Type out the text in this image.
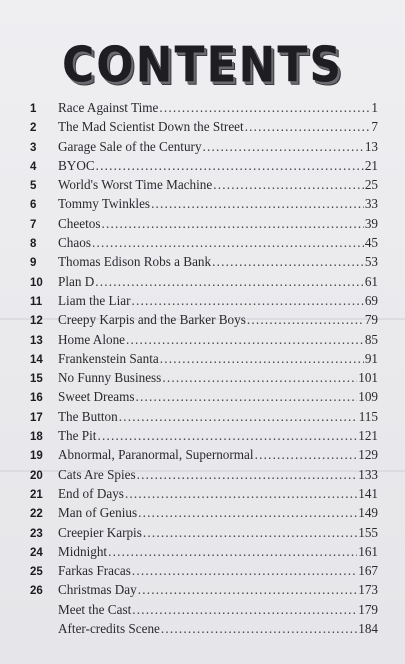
CONTENTS
1	Race Against Time .....	1
2	The Mad Scientist Down the Street .....	7
3	Garage Sale of the Century .....	13
4	BYOC .....	21
5	World's Worst Time Machine .....	25
6	Tommy Twinkles .....	33
7	Cheetos .....	39
8	Chaos .....	45
9	Thomas Edison Robs a Bank .....	53
10	Plan D .....	61
11	Liam the Liar .....	69
12	Creepy Karpis and the Barker Boys .....	79
13	Home Alone .....	85
14	Frankenstein Santa .....	91
15	No Funny Business .....	101
16	Sweet Dreams .....	109
17	The Button .....	115
18	The Pit .....	121
19	Abnormal, Paranormal, Supernormal .....	129
20	Cats Are Spies .....	133
21	End of Days .....	141
22	Man of Genius .....	149
23	Creepier Karpis .....	155
24	Midnight .....	161
25	Farkas Fracas .....	167
26	Christmas Day .....	173
Meet the Cast .....	179
After-credits Scene .....	184
